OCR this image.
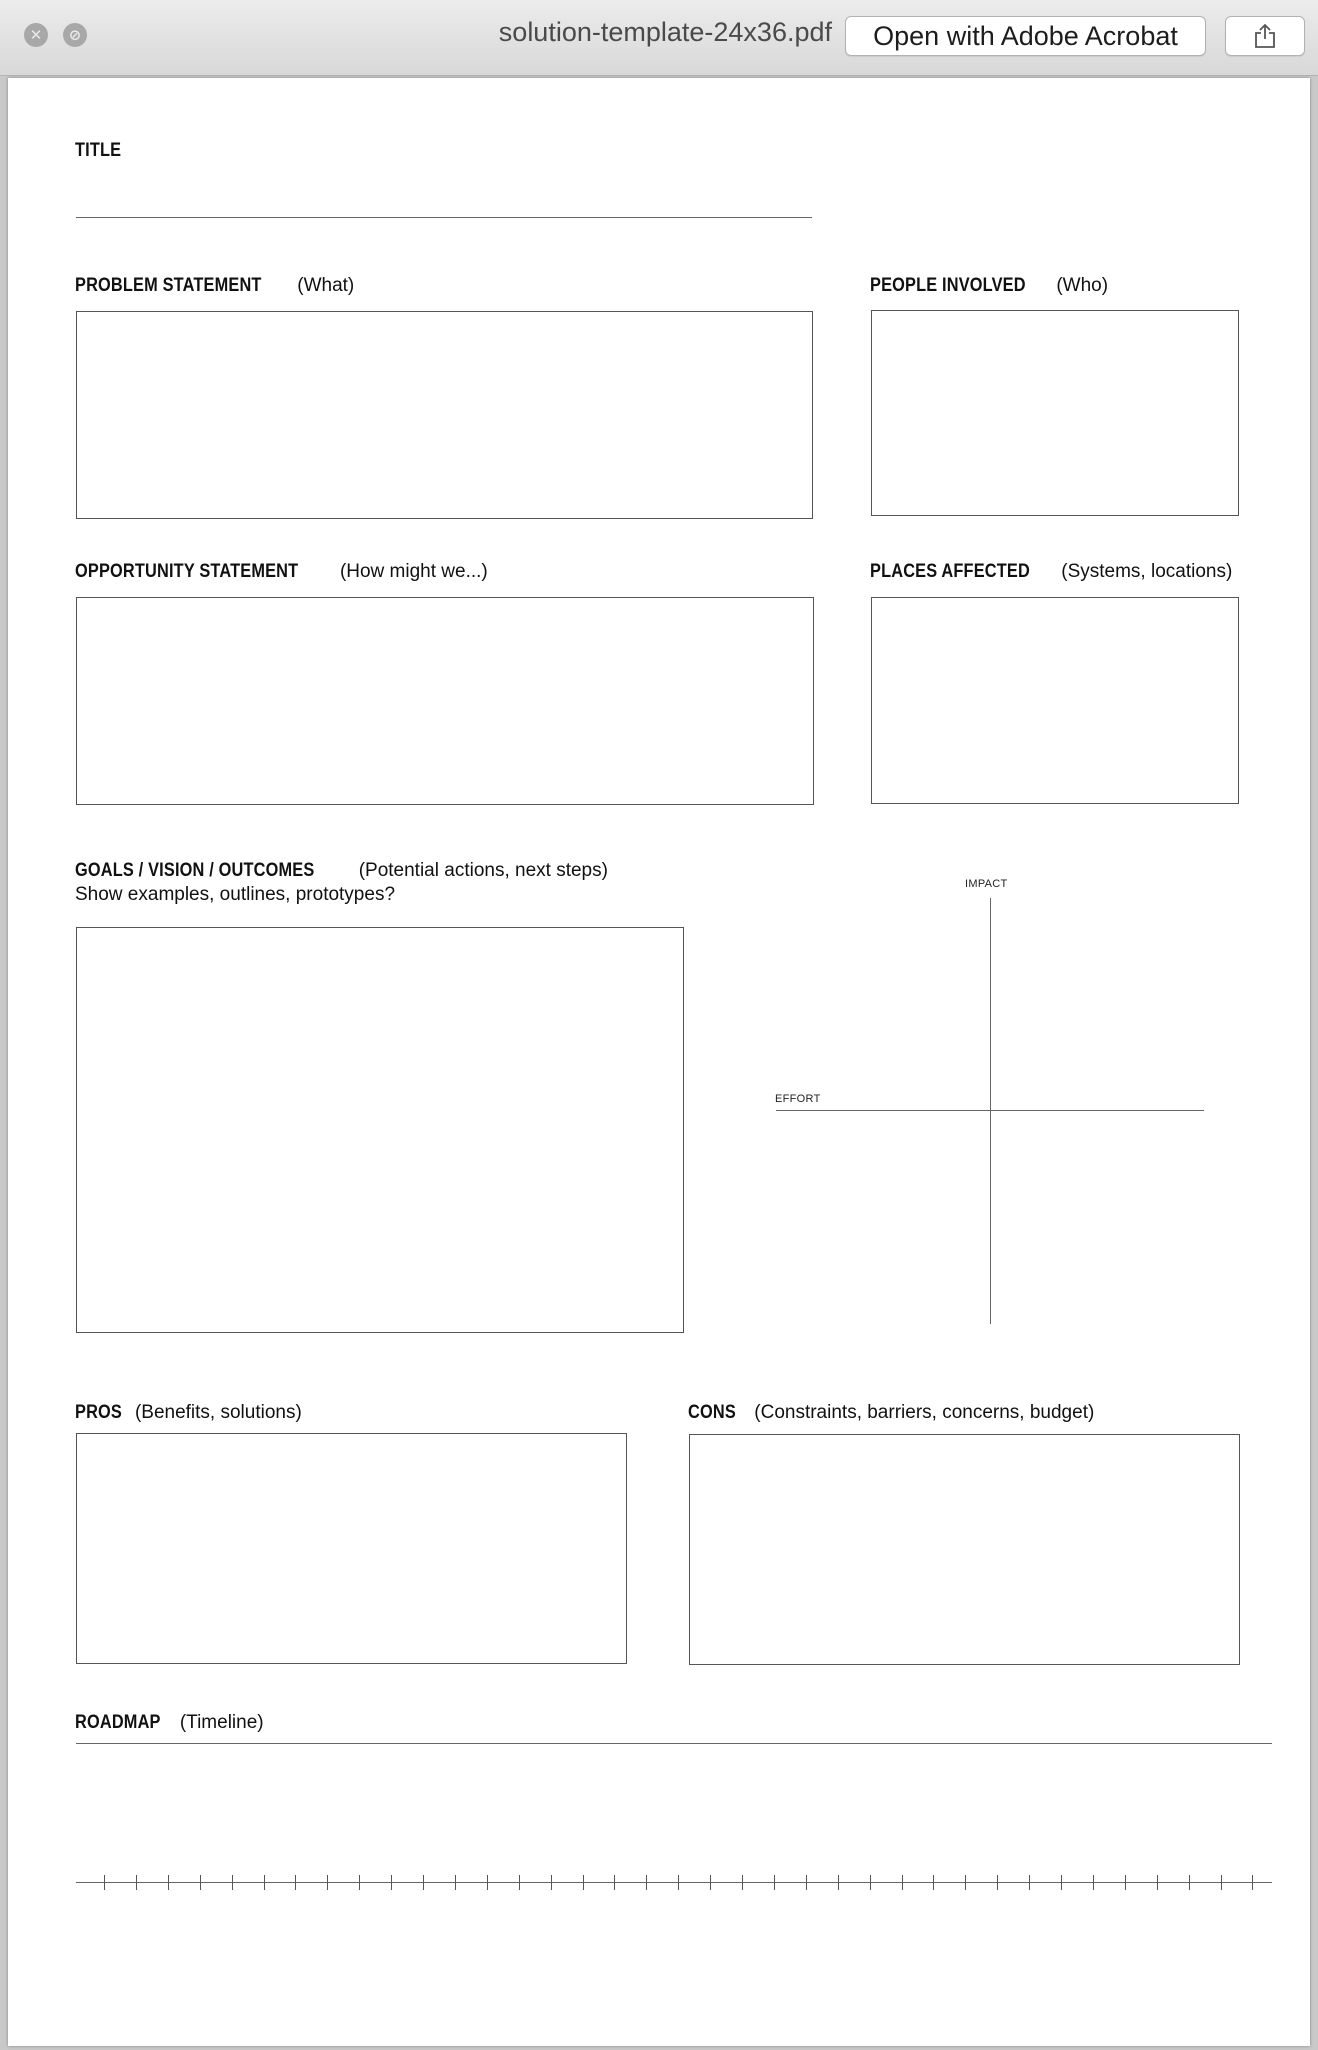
✕	⊘	solution-template-24x36.pdf	Open with Adobe Acrobat
TITLE
PROBLEM STATEMENT (What)	PEOPLE INVOLVED (Who)
OPPORTUNITY STATEMENT (How might we...)	PLACES AFFECTED (Systems, locations)
GOALS / VISION / OUTCOMES (Potential actions, next steps)
Show examples, outlines, prototypes?	IMPACT
EFFORT
PROS (Benefits, solutions)	CONS (Constraints, barriers, concerns, budget)
ROADMAP (Timeline)
